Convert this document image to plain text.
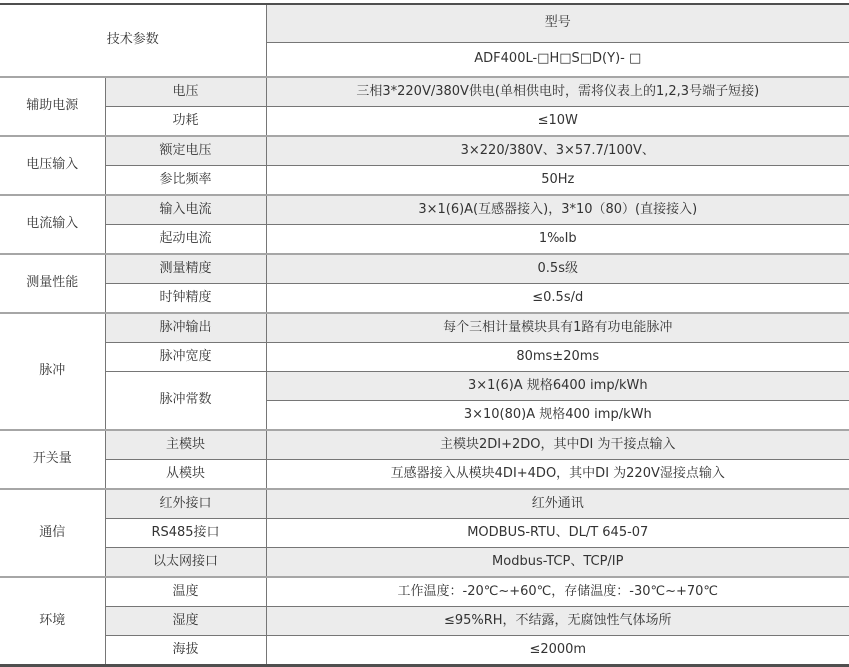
技术参数		型号
		ADF400L-□H□S□D(Y)- □
辅助电源	电压	三相3*220V/380V供电(单相供电时，需将仪表上的1,2,3号端子短接)
	功耗	≤10W
电压输入	额定电压	3×220/380V、3×57.7/100V、
	参比频率	50Hz
电流输入	输入电流	3×1(6)A(互感器接入)，3*10（80）(直接接入)
	起动电流	1‰Ib
测量性能	测量精度	0.5s级
	时钟精度	≤0.5s/d
脉冲	脉冲输出	每个三相计量模块具有1路有功电能脉冲
	脉冲宽度	80ms±20ms
	脉冲常数	3×1(6)A 规格6400 imp/kWh
		3×10(80)A 规格400 imp/kWh
开关量	主模块	主模块2DI+2DO，其中DI 为干接点输入
	从模块	互感器接入从模块4DI+4DO，其中DI 为220V湿接点输入
通信	红外接口	红外通讯
	RS485接口	MODBUS-RTU、DL/T 645-07
	以太网接口	Modbus-TCP、TCP/IP
环境	温度	工作温度：-20℃~+60℃，存储温度：-30℃~+70℃
	湿度	≤95%RH，不结露，无腐蚀性气体场所
	海拔	≤2000m
